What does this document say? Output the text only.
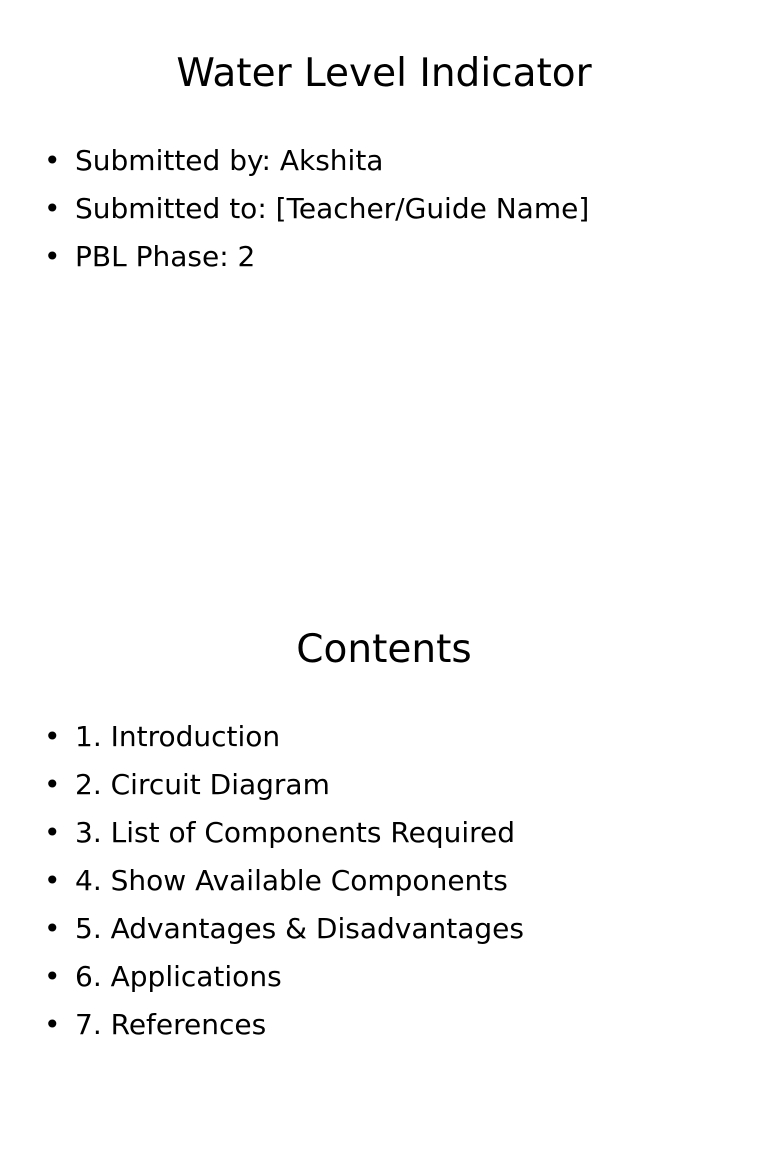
Water Level Indicator
• Submitted by: Akshita
• Submitted to: [Teacher/Guide Name]
• PBL Phase: 2
Contents
• 1. Introduction
• 2. Circuit Diagram
• 3. List of Components Required
• 4. Show Available Components
• 5. Advantages & Disadvantages
• 6. Applications
• 7. References
